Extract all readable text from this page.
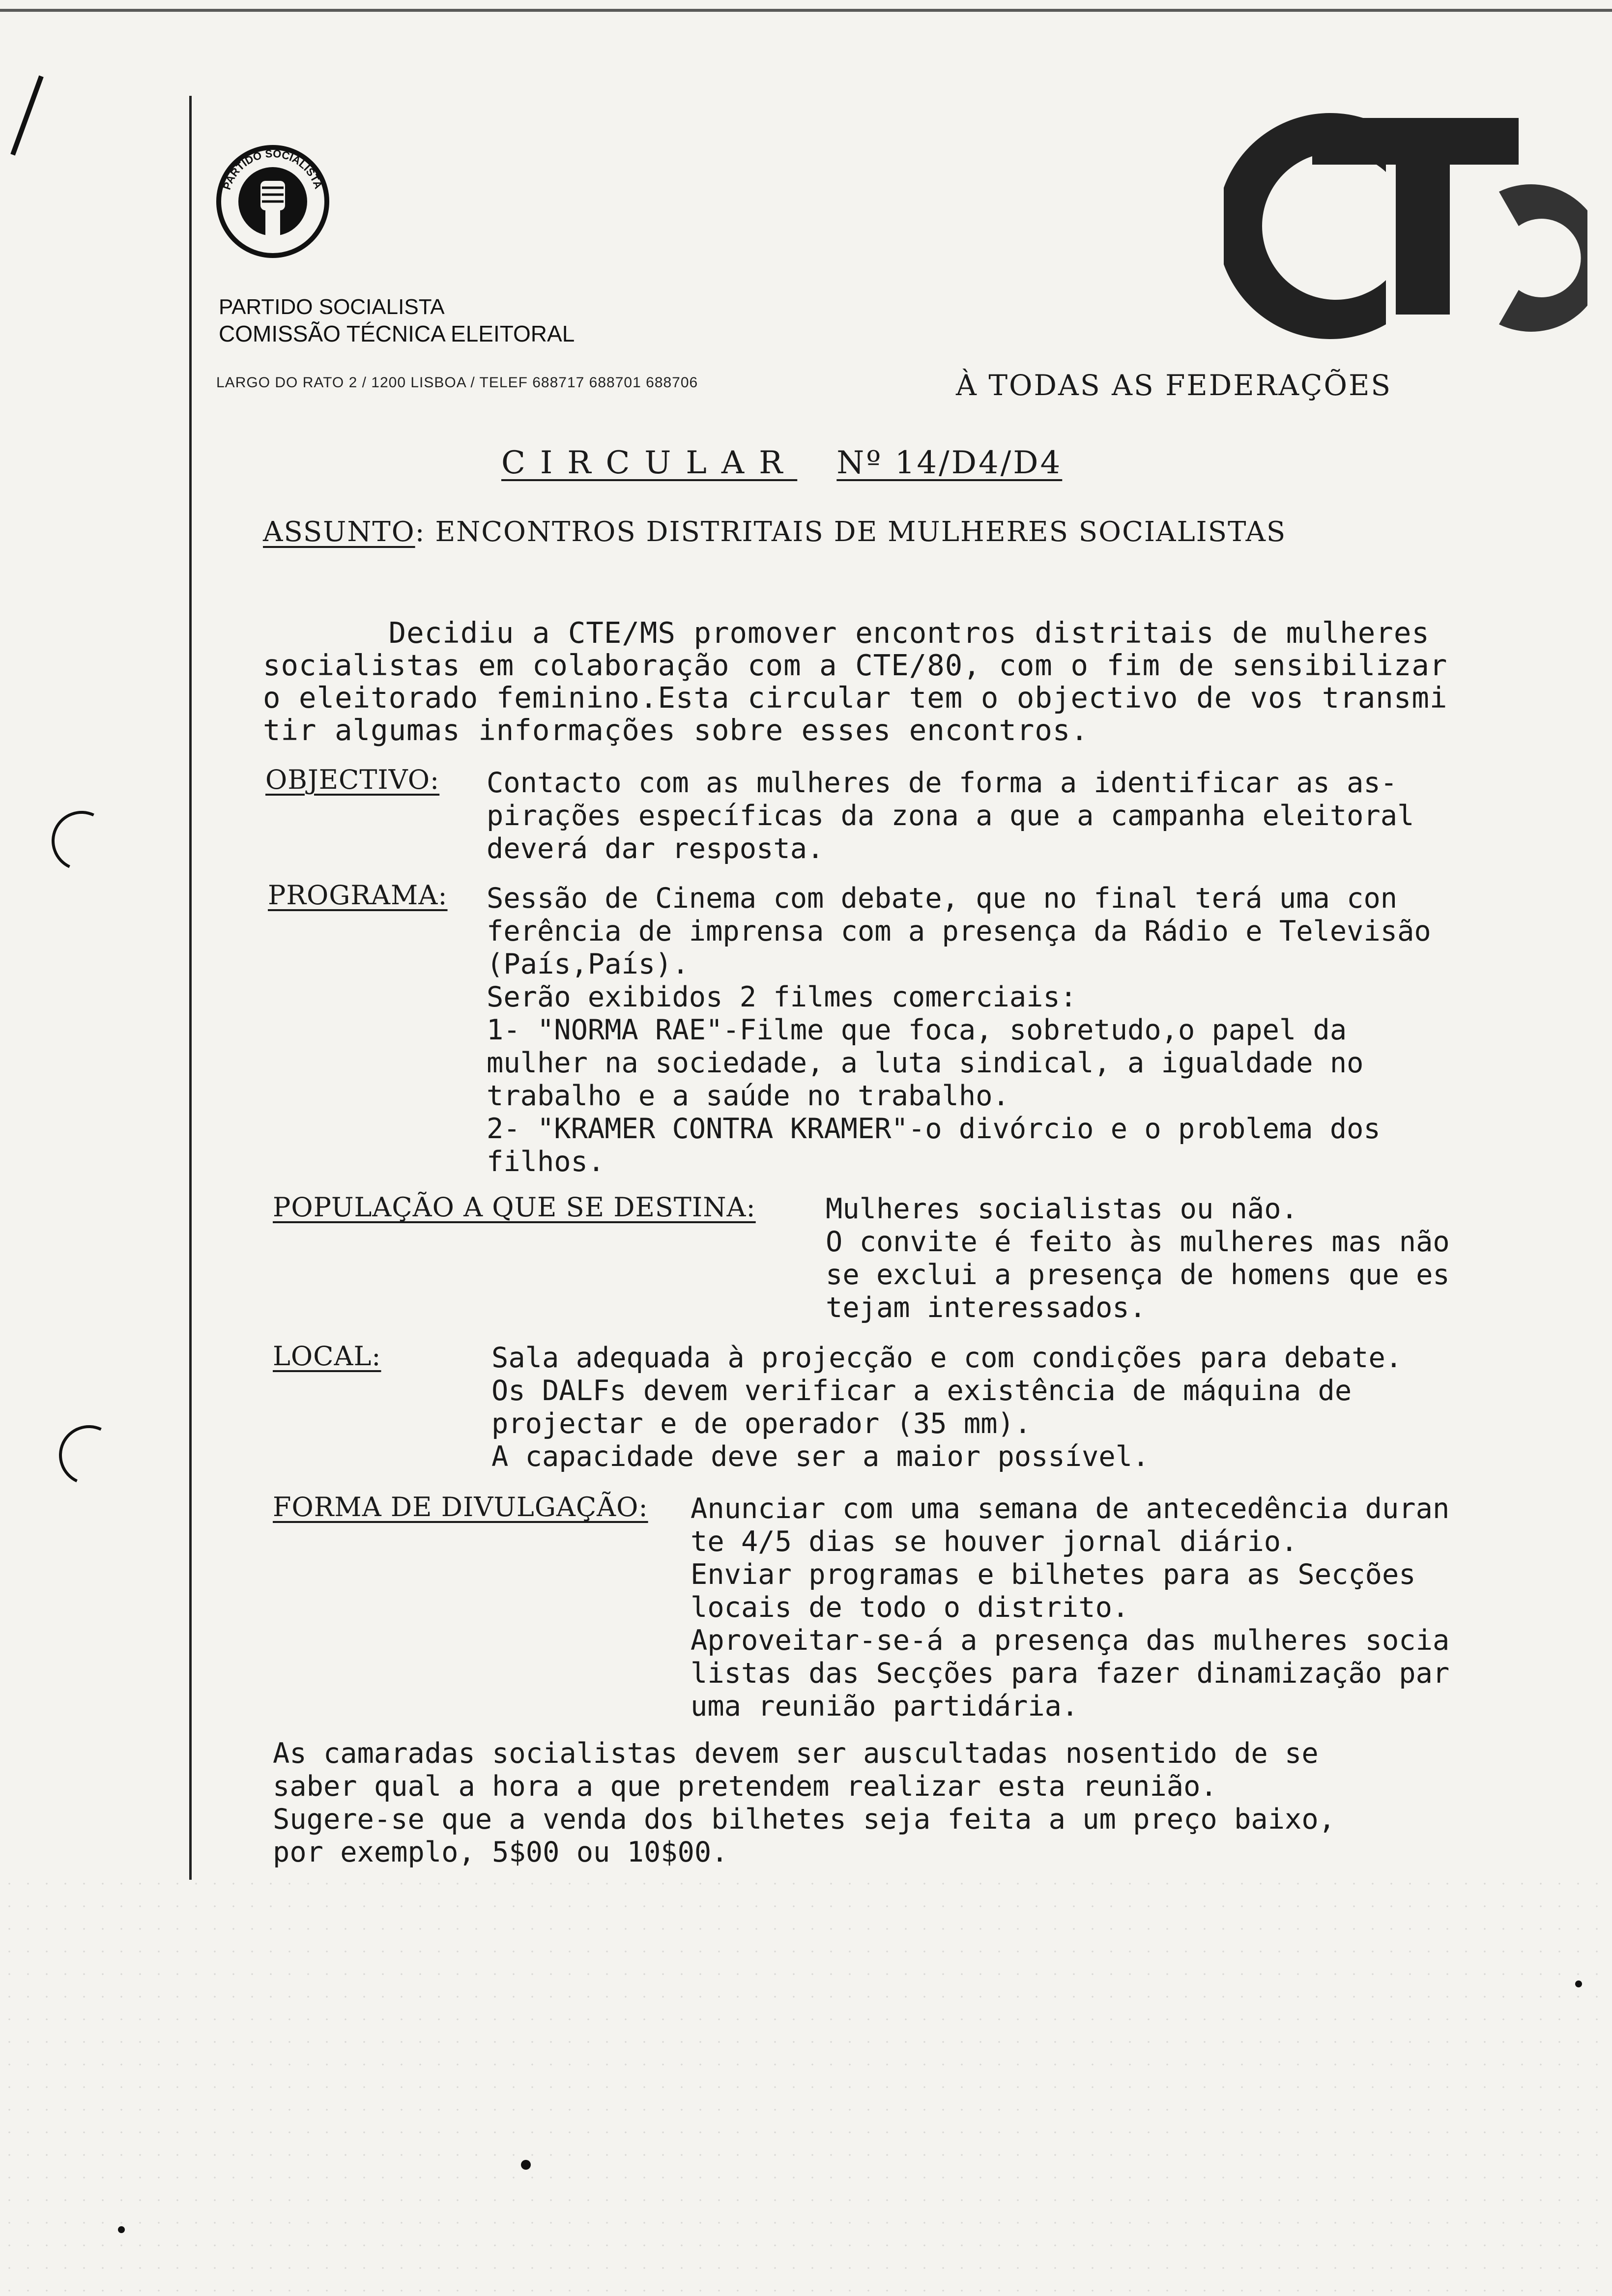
PARTIDO SOCIALISTA
PARTIDO SOCIALISTA
COMISSÃO TÉCNICA ELEITORAL
LARGO DO RATO 2 / 1200 LISBOA / TELEF 688717 688701 688706
CTE
À TODAS AS FEDERAÇÕES
CIRCULAR Nº 14/D4/D4
ASSUNTO: ENCONTROS DISTRITAIS DE MULHERES SOCIALISTAS
Decidiu a CTE/MS promover encontros distritais de mulheres
socialistas em colaboração com a CTE/80, com o fim de sensibilizar
o eleitorado feminino.Esta circular tem o objectivo de vos transmi
tir algumas informações sobre esses encontros.
OBJECTIVO: Contacto com as mulheres de forma a identificar as as-
pirações específicas da zona a que a campanha eleitoral
deverá dar resposta.
PROGRAMA: Sessão de Cinema com debate, que no final terá uma con
ferência de imprensa com a presença da Rádio e Televisão
(País,País).
Serão exibidos 2 filmes comerciais:
1- "NORMA RAE"-Filme que foca, sobretudo,o papel da
mulher na sociedade, a luta sindical, a igualdade no
trabalho e a saúde no trabalho.
2- "KRAMER CONTRA KRAMER"-o divórcio e o problema dos
filhos.
POPULAÇÃO A QUE SE DESTINA: Mulheres socialistas ou não.
O convite é feito às mulheres mas não
se exclui a presença de homens que es
tejam interessados.
LOCAL:	Sala adequada à projecção e com condições para debate.
Os DALFs devem verificar a existência de máquina de
projectar e de operador (35 mm).
A capacidade deve ser a maior possível.
FORMA DE DIVULGAÇÃO: Anunciar com uma semana de antecedência duran
te 4/5 dias se houver jornal diário.
Enviar programas e bilhetes para as Secções
locais de todo o distrito.
Aproveitar-se-á a presença das mulheres socia
listas das Secções para fazer dinamização par
uma reunião partidária.
As camaradas socialistas devem ser auscultadas nosentido de se
saber qual a hora a que pretendem realizar esta reunião.
Sugere-se que a venda dos bilhetes seja feita a um preço baixo,
por exemplo, 5$00 ou 10$00.
